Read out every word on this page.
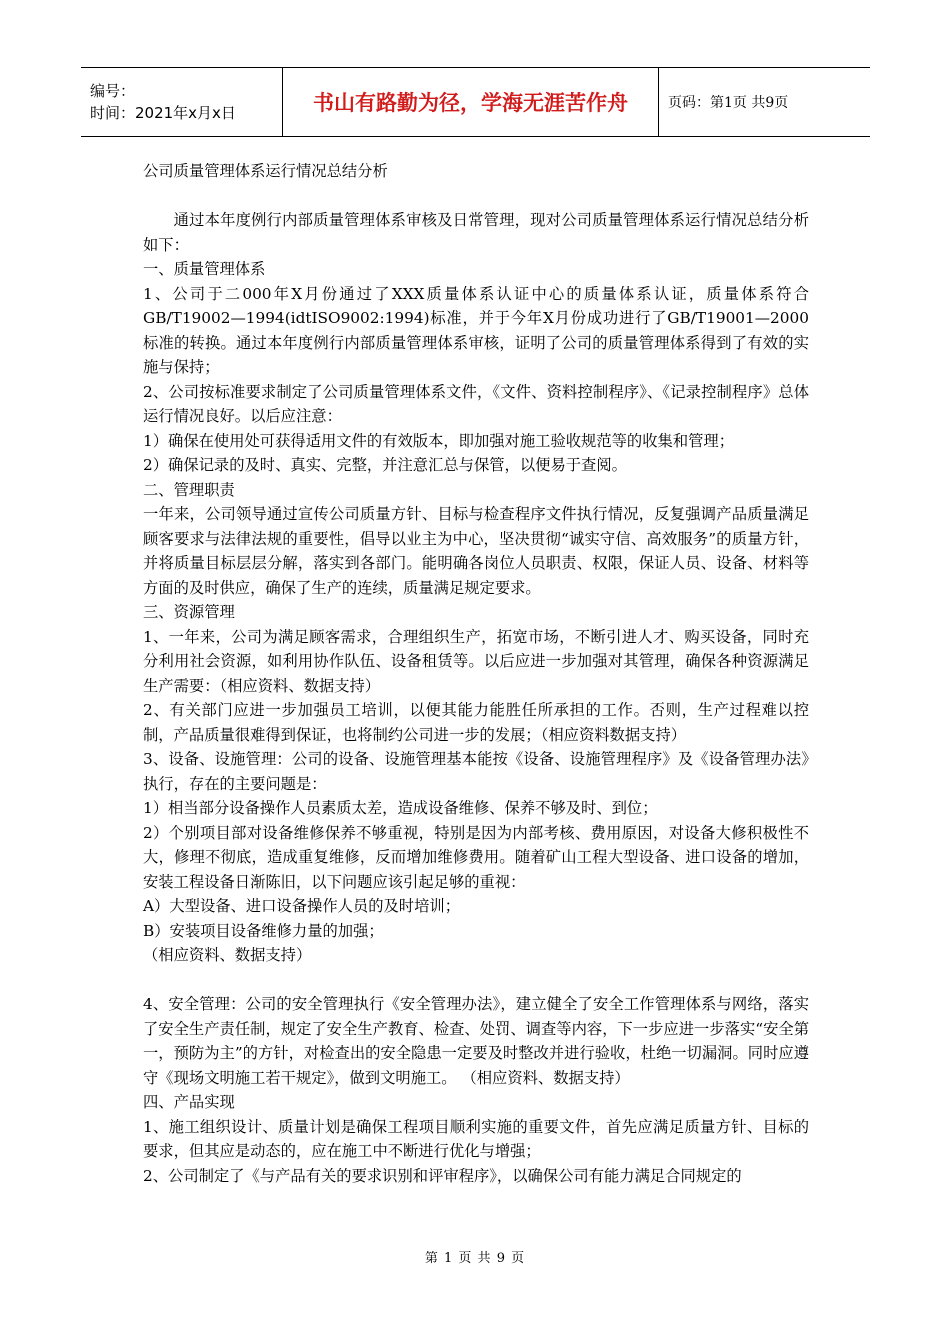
编号：
时间：2021年x月x日	书山有路勤为径，学海无涯苦作舟	页码：第1页 共9页

公司质量管理体系运行情况总结分析

通过本年度例行内部质量管理体系审核及日常管理，现对公司质量管理体系运行情况总结分析如下：

一、质量管理体系

1、公司于二000年X月份通过了XXX质量体系认证中心的质量体系认证，质量体系符合GB/T19002—1994(idtISO9002:1994)标准，并于今年X月份成功进行了GB/T19001—2000标准的转换。通过本年度例行内部质量管理体系审核，证明了公司的质量管理体系得到了有效的实施与保持；

2、公司按标准要求制定了公司质量管理体系文件，《文件、资料控制程序》、《记录控制程序》总体运行情况良好。以后应注意：

1）确保在使用处可获得适用文件的有效版本，即加强对施工验收规范等的收集和管理；

2）确保记录的及时、真实、完整，并注意汇总与保管，以便易于查阅。

二、管理职责

一年来，公司领导通过宣传公司质量方针、目标与检查程序文件执行情况，反复强调产品质量满足顾客要求与法律法规的重要性，倡导以业主为中心，坚决贯彻“诚实守信、高效服务”的质量方针，并将质量目标层层分解，落实到各部门。能明确各岗位人员职责、权限，保证人员、设备、材料等方面的及时供应，确保了生产的连续，质量满足规定要求。

三、资源管理

1、一年来，公司为满足顾客需求，合理组织生产，拓宽市场，不断引进人才、购买设备，同时充分利用社会资源，如利用协作队伍、设备租赁等。以后应进一步加强对其管理，确保各种资源满足生产需要：（相应资料、数据支持）

2、有关部门应进一步加强员工培训，以便其能力能胜任所承担的工作。否则，生产过程难以控制，产品质量很难得到保证，也将制约公司进一步的发展；（相应资料数据支持）

3、设备、设施管理：公司的设备、设施管理基本能按《设备、设施管理程序》及《设备管理办法》执行，存在的主要问题是：

1）相当部分设备操作人员素质太差，造成设备维修、保养不够及时、到位；

2）个别项目部对设备维修保养不够重视，特别是因为内部考核、费用原因，对设备大修积极性不大，修理不彻底，造成重复维修，反而增加维修费用。随着矿山工程大型设备、进口设备的增加，安装工程设备日渐陈旧，以下问题应该引起足够的重视：

A）大型设备、进口设备操作人员的及时培训；

B）安装项目设备维修力量的加强；

（相应资料、数据支持）

4、安全管理：公司的安全管理执行《安全管理办法》，建立健全了安全工作管理体系与网络，落实了安全生产责任制，规定了安全生产教育、检查、处罚、调查等内容，下一步应进一步落实“安全第一，预防为主”的方针，对检查出的安全隐患一定要及时整改并进行验收，杜绝一切漏洞。同时应遵守《现场文明施工若干规定》，做到文明施工。 （相应资料、数据支持）

四、产品实现

1、施工组织设计、质量计划是确保工程项目顺利实施的重要文件，首先应满足质量方针、目标的要求，但其应是动态的，应在施工中不断进行优化与增强；

2、公司制定了《与产品有关的要求识别和评审程序》，以确保公司有能力满足合同规定的

第 1 页 共 9 页
